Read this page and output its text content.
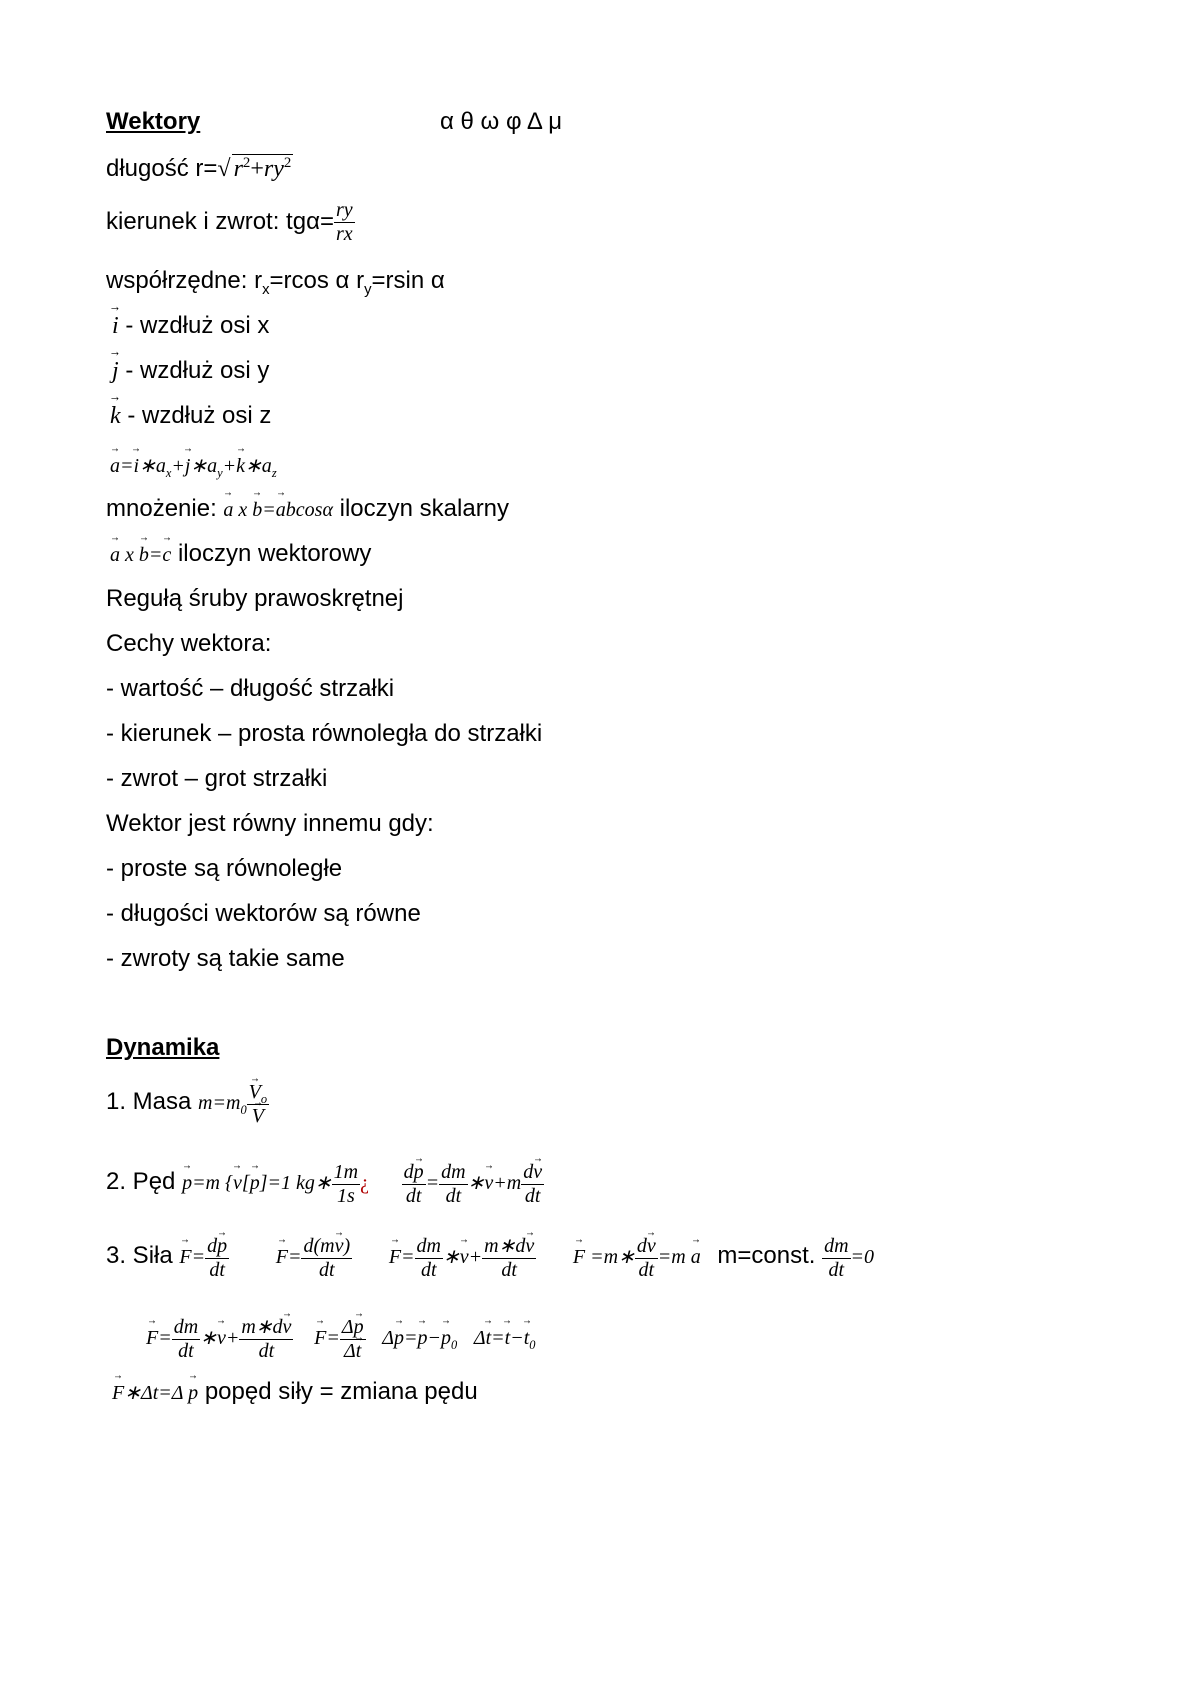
Wektory	α θ ω φ Δ μ
długość r=√ $r^2+ry^2$
kierunek i zwrot: $tg\alpha= \frac{ry}{rx}$
współrzędne: $r_x=rcos$ α $r_y=rsin$ α
i → - wzdłuż osi x
j → - wzdłuż osi y
k → - wzdłuż osi z
$a \to=i \to∗a_x+j$ $\to∗a_y+k$ $\to∗a_z$
mnożenie: a → x b →=a →bcosα iloczyn skalarny
a → x b →=c → iloczyn wektorowy
Regułą śruby prawoskrętnej
Cechy wektora:
- wartość – długość strzałki
- kierunek – prosta równoległa do strzałki
- zwrot – grot strzałki
Wektor jest równy innemu gdy:
- proste są równoległe
- długości wektorów są równe
- zwroty są takie same
Dynamika
1. Masa $m=m_0 \frac{V \to_o}{V}$ →
2. Pęd p →=m {v →[p →]=1 kg∗ $\frac{1m}{1s}$ ¿ $\frac{dp \to}{dt} = \frac{dm}{dt}$ ∗v $\to+m \frac{dv \to}{dt}$
3. Siła $F \to= \frac{dp \to}{dt}$ $F \to= \frac{d(mv \to)}{dt}$ $F \to= \frac{dm}{dt}$ ∗v →+ $\frac{m∗dv \to}{dt}$ F → =m∗ $\frac{dv \to}{dt} =m$ a → m=const. $\frac{dm}{dt} =0$
$F \to= \frac{dm}{dt}$ ∗v →+ $\frac{m∗dv \to}{dt}$ $F \to= \frac{\Delta p \to}{\Delta t} \to \Delta p \to=p \to-p \to_0$ $\Delta t \to=t \to-t \to_0$
F →∗Δt=Δ p → popęd siły = zmiana pędu
